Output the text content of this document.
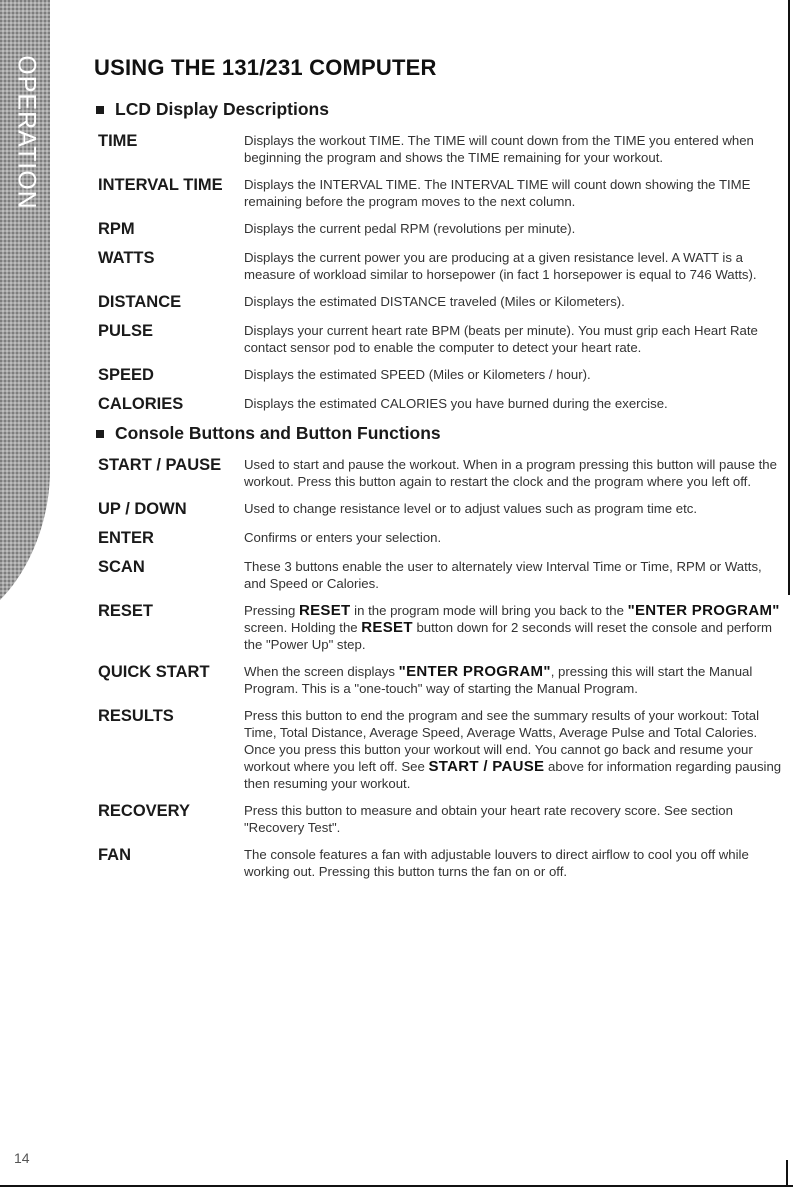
OPERATION USING THE 131/231 COMPUTER
LCD Display Descriptions
TIME	Displays the workout TIME. The TIME will count down from the TIME you entered when beginning the program and shows the TIME remaining for your workout.
INTERVAL TIME	Displays the INTERVAL TIME. The INTERVAL TIME will count down showing the TIME remaining before the program moves to the next column.
RPM	Displays the current pedal RPM (revolutions per minute).
WATTS	Displays the current power you are producing at a given resistance level. A WATT is a measure of workload similar to horsepower (in fact 1 horsepower is equal to 746 Watts).
DISTANCE	Displays the estimated DISTANCE traveled (Miles or Kilometers).
PULSE	Displays your current heart rate BPM (beats per minute). You must grip each Heart Rate contact sensor pod to enable the computer to detect your heart rate.
SPEED	Displays the estimated SPEED (Miles or Kilometers / hour).
CALORIES	Displays the estimated CALORIES you have burned during the exercise.
Console Buttons and Button Functions
START / PAUSE	Used to start and pause the workout. When in a program pressing this button will pause the workout. Press this button again to restart the clock and the program where you left off.
UP / DOWN	Used to change resistance level or to adjust values such as program time etc.
ENTER	Confirms or enters your selection.
SCAN	These 3 buttons enable the user to alternately view Interval Time or Time, RPM or Watts, and Speed or Calories.
RESET	Pressing RESET in the program mode will bring you back to the "ENTER PROGRAM" screen. Holding the RESET button down for 2 seconds will reset the console and perform the "Power Up" step.
QUICK START	When the screen displays "ENTER PROGRAM", pressing this will start the Manual Program. This is a "one-touch" way of starting the Manual Program.
RESULTS	Press this button to end the program and see the summary results of your workout: Total Time, Total Distance, Average Speed, Average Watts, Average Pulse and Total Calories. Once you press this button your workout will end. You cannot go back and resume your workout where you left off. See START / PAUSE above for information regarding pausing then resuming your workout.
RECOVERY	Press this button to measure and obtain your heart rate recovery score. See section "Recovery Test".
FAN	The console features a fan with adjustable louvers to direct airflow to cool you off while working out. Pressing this button turns the fan on or off.
14
